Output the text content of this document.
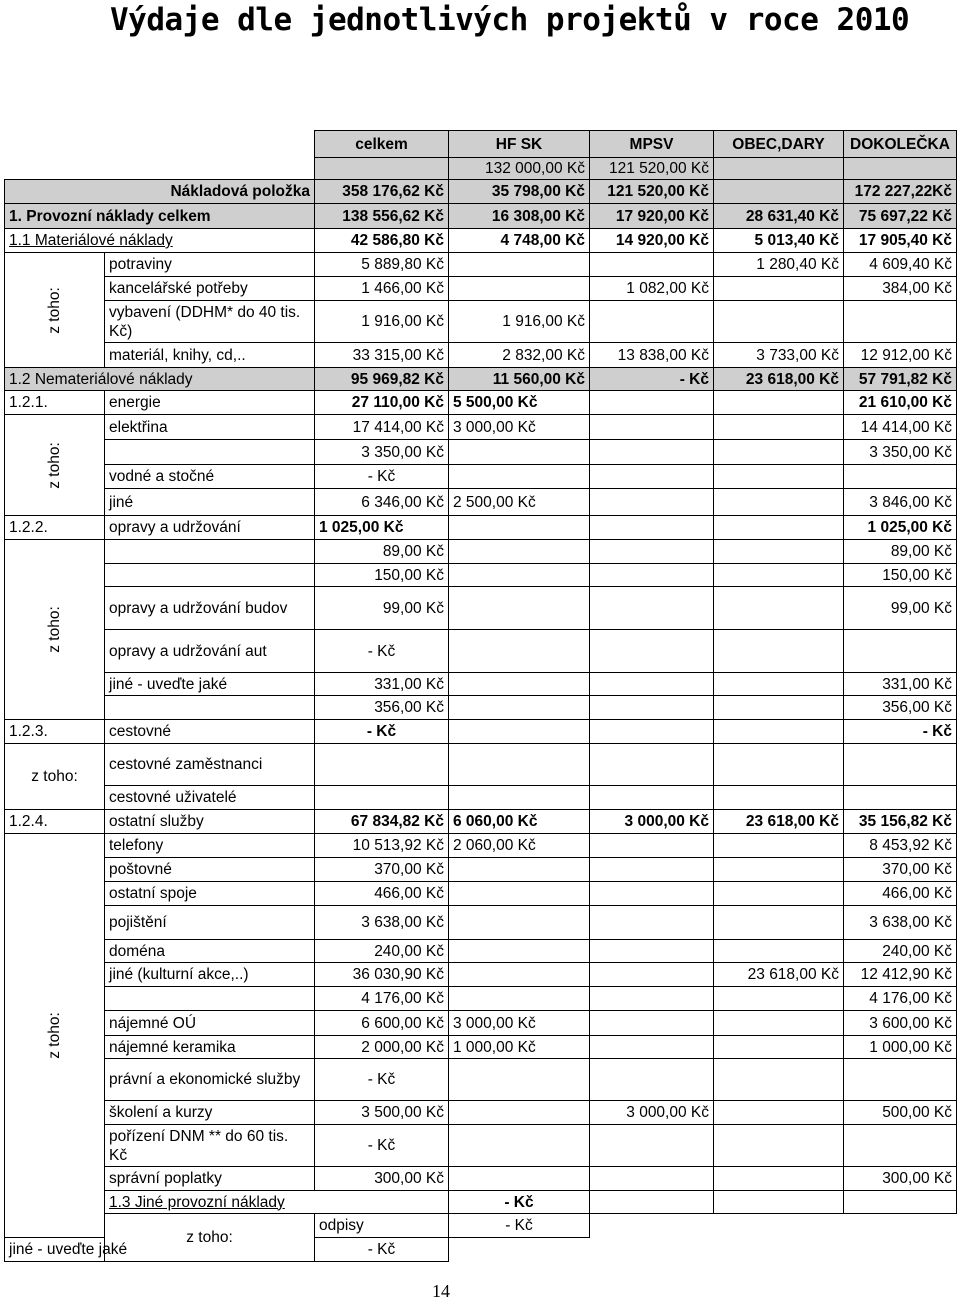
Výdaje dle jednotlivých projektů v roce 2010
		celkem	HF SK	MPSV	OBEC,DARY	DOKOLEČKA	
			132 000,00 Kč	121 520,00 Kč			
Nákladová položka		358 176,62 Kč	35 798,00 Kč	121 520,00 Kč		172 227,22Kč	
1. Provozní náklady celkem		138 556,62 Kč	16 308,00 Kč	17 920,00 Kč	28 631,40 Kč	75 697,22 Kč	
1.1 Materiálové náklady		42 586,80 Kč	4 748,00 Kč	14 920,00 Kč	5 013,40 Kč	17 905,40 Kč	
z toho:	potraviny	5 889,80 Kč			1 280,40 Kč	4 609,40 Kč	
	kancelářské potřeby	1 466,00 Kč		1 082,00 Kč		384,00 Kč	
	vybavení (DDHM* do 40 tis. Kč)	1 916,00 Kč	1 916,00 Kč				
	materiál, knihy, cd,..	33 315,00 Kč	2 832,00 Kč	13 838,00 Kč	3 733,00 Kč	12 912,00 Kč	
1.2 Nemateriálové náklady		95 969,82 Kč	11 560,00 Kč	- Kč	23 618,00 Kč	57 791,82 Kč	
1.2.1.	energie	27 110,00 Kč	5 500,00 Kč			21 610,00 Kč	
z toho:	elektřina	17 414,00 Kč	3 000,00 Kč			14 414,00 Kč	
		3 350,00 Kč				3 350,00 Kč	
	vodné a stočné	- Kč					
	jiné	6 346,00 Kč	2 500,00 Kč			3 846,00 Kč	
1.2.2.	opravy a udržování	1 025,00 Kč				1 025,00 Kč	
z toho:		89,00 Kč				89,00 Kč	
		150,00 Kč				150,00 Kč	
	opravy a udržování budov	99,00 Kč				99,00 Kč	
	opravy a udržování aut	- Kč					
	jiné - uveďte jaké	331,00 Kč				331,00 Kč	
		356,00 Kč				356,00 Kč	
1.2.3.	cestovné	- Kč				- Kč	
z toho:	cestovné zaměstnanci						
	cestovné uživatelé						
1.2.4.	ostatní služby	67 834,82 Kč	6 060,00 Kč	3 000,00 Kč	23 618,00 Kč	35 156,82 Kč	
z toho:	telefony	10 513,92 Kč	2 060,00 Kč			8 453,92 Kč	
	poštovné	370,00 Kč				370,00 Kč	
	ostatní spoje	466,00 Kč				466,00 Kč	
	pojištění	3 638,00 Kč				3 638,00 Kč	
	doména	240,00 Kč				240,00 Kč	
	jiné (kulturní akce,..)	36 030,90 Kč			23 618,00 Kč	12 412,90 Kč	
		4 176,00 Kč				4 176,00 Kč	
	nájemné OÚ	6 600,00 Kč	3 000,00 Kč			3 600,00 Kč	
	nájemné keramika	2 000,00 Kč	1 000,00 Kč			1 000,00 Kč	
	právní a ekonomické služby	- Kč					
	školení a kurzy	3 500,00 Kč		3 000,00 Kč		500,00 Kč	
	pořízení DNM ** do 60 tis. Kč	- Kč					
	správní poplatky	300,00 Kč				300,00 Kč	
	1.3 Jiné provozní náklady		- Kč				
	z toho:	odpisy	- Kč				
jiné - uveďte jaké		- Kč					
14
